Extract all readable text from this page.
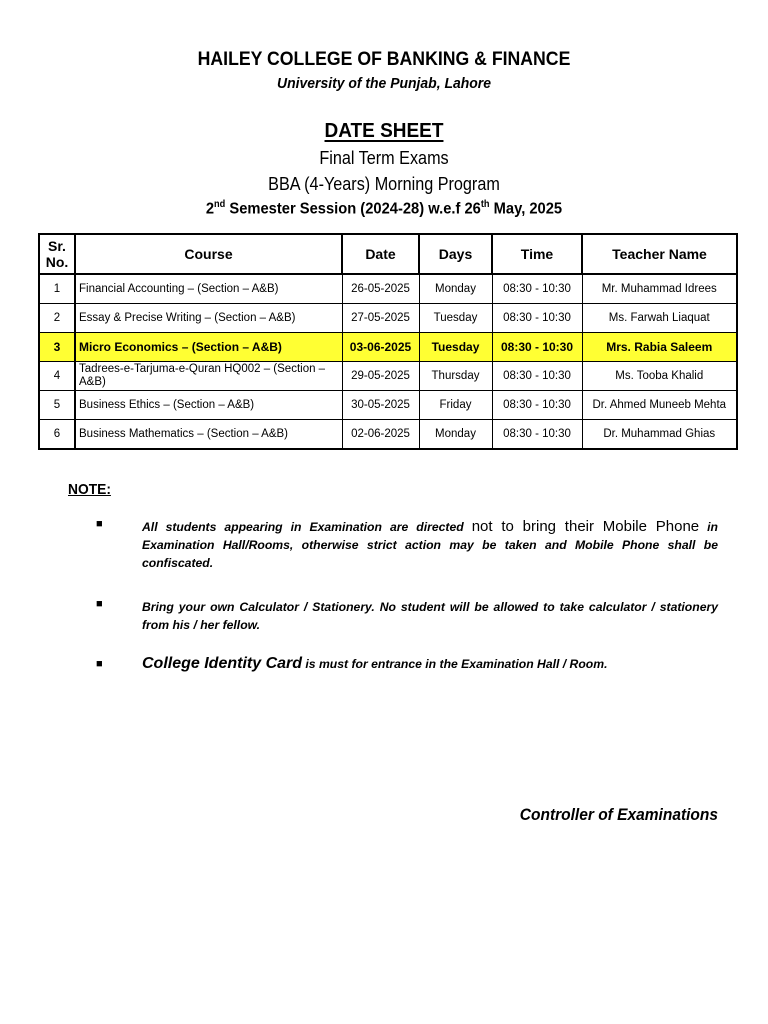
HAILEY COLLEGE OF BANKING & FINANCE
University of the Punjab, Lahore
DATE SHEET
Final Term Exams
BBA (4-Years) Morning Program
2nd Semester Session (2024-28) w.e.f 26th May, 2025
Sr. No.	Course	Date	Days	Time	Teacher Name
1	Financial Accounting – (Section – A&B)	26-05-2025	Monday	08:30 - 10:30	Mr. Muhammad Idrees
2	Essay & Precise Writing – (Section – A&B)	27-05-2025	Tuesday	08:30 - 10:30	Ms. Farwah Liaquat
3	Micro Economics – (Section – A&B)	03-06-2025	Tuesday	08:30 - 10:30	Mrs. Rabia Saleem
4	Tadrees-e-Tarjuma-e-Quran HQ002 – (Section – A&B)	29-05-2025	Thursday	08:30 - 10:30	Ms. Tooba Khalid
5	Business Ethics – (Section – A&B)	30-05-2025	Friday	08:30 - 10:30	Dr. Ahmed Muneeb Mehta
6	Business Mathematics – (Section – A&B)	02-06-2025	Monday	08:30 - 10:30	Dr. Muhammad Ghias
NOTE:
■	All students appearing in Examination are directed not to bring their Mobile Phone in Examination Hall/Rooms, otherwise strict action may be taken and Mobile Phone shall be confiscated.
■	Bring your own Calculator / Stationery. No student will be allowed to take calculator / stationery from his / her fellow.
■ College Identity Card is must for entrance in the Examination Hall / Room.
Controller of Examinations
